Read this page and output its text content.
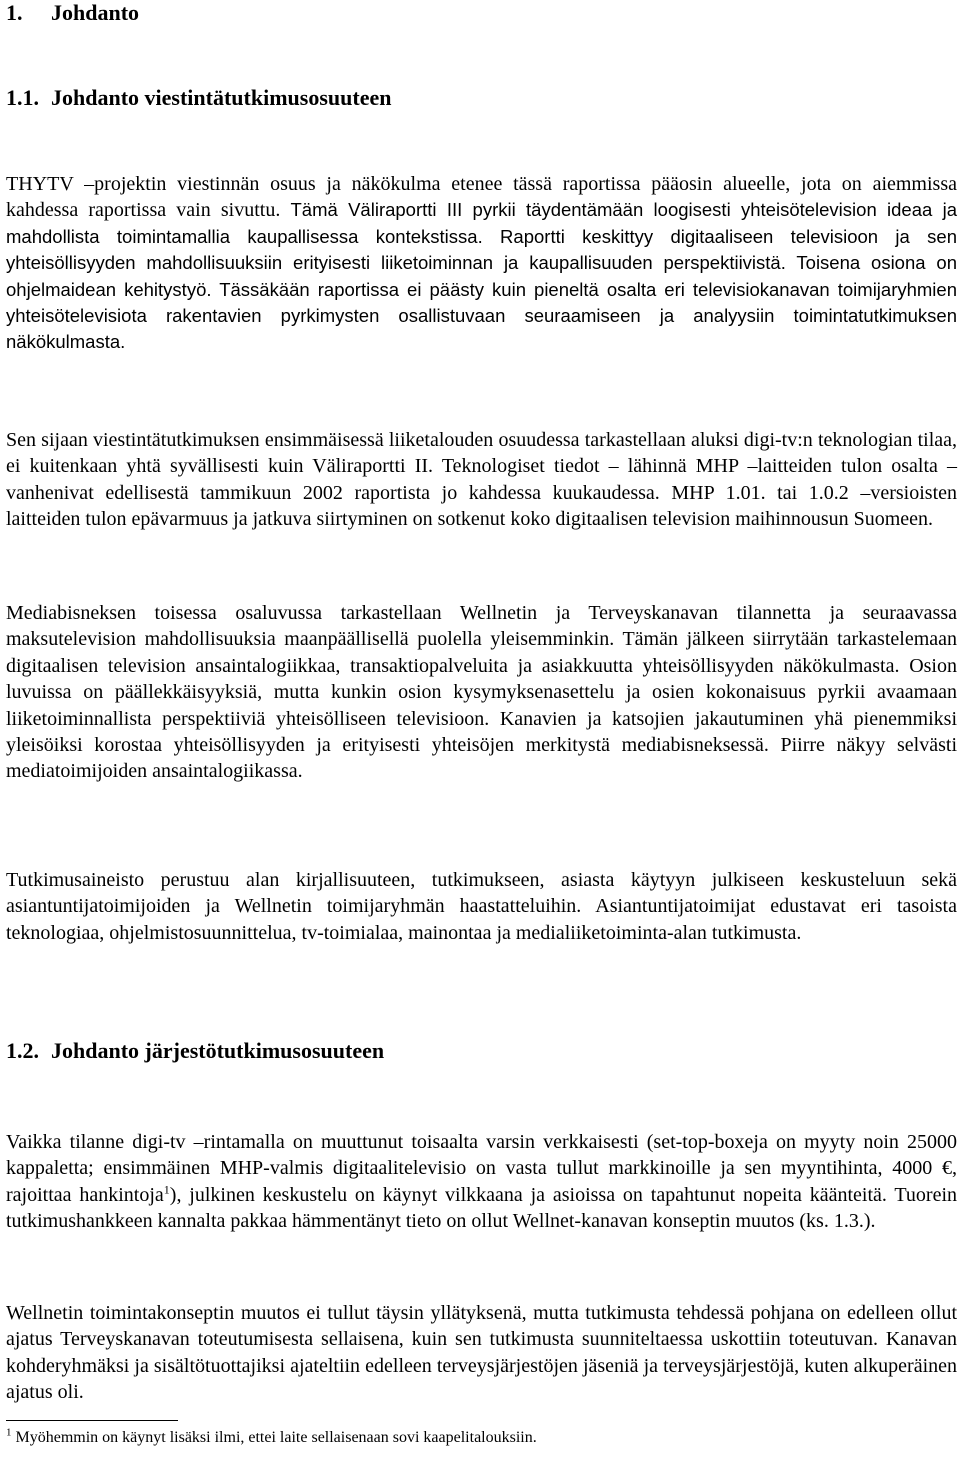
1. Johdanto
1.1. Johdanto viestintätutkimusosuuteen
THYTV –projektin viestinnän osuus ja näkökulma etenee tässä raportissa pääosin alueelle, jota on aiemmissa kahdessa raportissa vain sivuttu. Tämä Väliraportti III pyrkii täydentämään loogisesti yhteisötelevision ideaa ja mahdollista toimintamallia kaupallisessa kontekstissa. Raportti keskittyy digitaaliseen televisioon ja sen yhteisöllisyyden mahdollisuuksiin erityisesti liiketoiminnan ja kaupallisuuden perspektiivistä. Toisena osiona on ohjelmaidean kehitystyö. Tässäkään raportissa ei päästy kuin pieneltä osalta eri televisiokanavan toimijaryhmien yhteisötelevisiota rakentavien pyrkimysten osallistuvaan seuraamiseen ja analyysiin toimintatutkimuksen näkökulmasta.
Sen sijaan viestintätutkimuksen ensimmäisessä liiketalouden osuudessa tarkastellaan aluksi digi-tv:n teknologian tilaa, ei kuitenkaan yhtä syvällisesti kuin Väliraportti II. Teknologiset tiedot – lähinnä MHP –laitteiden tulon osalta – vanhenivat edellisestä tammikuun 2002 raportista jo kahdessa kuukaudessa. MHP 1.01. tai 1.0.2 –versioisten laitteiden tulon epävarmuus ja jatkuva siirtyminen on sotkenut koko digitaalisen television maihinnousun Suomeen.
Mediabisneksen toisessa osaluvussa tarkastellaan Wellnetin ja Terveyskanavan tilannetta ja seuraavassa maksutelevision mahdollisuuksia maanpäällisellä puolella yleisemminkin. Tämän jälkeen siirrytään tarkastelemaan digitaalisen television ansaintalogiikkaa, transaktiopalveluita ja asiakkuutta yhteisöllisyyden näkökulmasta. Osion luvuissa on päällekkäisyyksiä, mutta kunkin osion kysymyksenasettelu ja osien kokonaisuus pyrkii avaamaan liiketoiminnallista perspektiiviä yhteisölliseen televisioon. Kanavien ja katsojien jakautuminen yhä pienemmiksi yleisöiksi korostaa yhteisöllisyyden ja erityisesti yhteisöjen merkitystä mediabisneksessä. Piirre näkyy selvästi mediatoimijoiden ansaintalogiikassa.
Tutkimusaineisto perustuu alan kirjallisuuteen, tutkimukseen, asiasta käytyyn julkiseen keskusteluun sekä asiantuntijatoimijoiden ja Wellnetin toimijaryhmän haastatteluihin. Asiantuntijatoimijat edustavat eri tasoista teknologiaa, ohjelmistosuunnittelua, tv-toimialaa, mainontaa ja medialiiketoiminta-alan tutkimusta.
1.2. Johdanto järjestötutkimusosuuteen
Vaikka tilanne digi-tv –rintamalla on muuttunut toisaalta varsin verkkaisesti (set-top-boxeja on myyty noin 25000 kappaletta; ensimmäinen MHP-valmis digitaalitelevisio on vasta tullut markkinoille ja sen myyntihinta, 4000 €, rajoittaa hankintoja$^1$), julkinen keskustelu on käynyt vilkkaana ja asioissa on tapahtunut nopeita käänteitä. Tuorein tutkimushankkeen kannalta pakkaa hämmentänyt tieto on ollut Wellnet-kanavan konseptin muutos (ks. 1.3.).
Wellnetin toimintakonseptin muutos ei tullut täysin yllätyksenä, mutta tutkimusta tehdessä pohjana on edelleen ollut ajatus Terveyskanavan toteutumisesta sellaisena, kuin sen tutkimusta suunniteltaessa uskottiin toteutuvan. Kanavan kohderyhmäksi ja sisältötuottajiksi ajateltiin edelleen terveysjärjestöjen jäseniä ja terveysjärjestöjä, kuten alkuperäinen ajatus oli.
$^1$ Myöhemmin on käynyt lisäksi ilmi, ettei laite sellaisenaan sovi kaapelitalouksiin.
